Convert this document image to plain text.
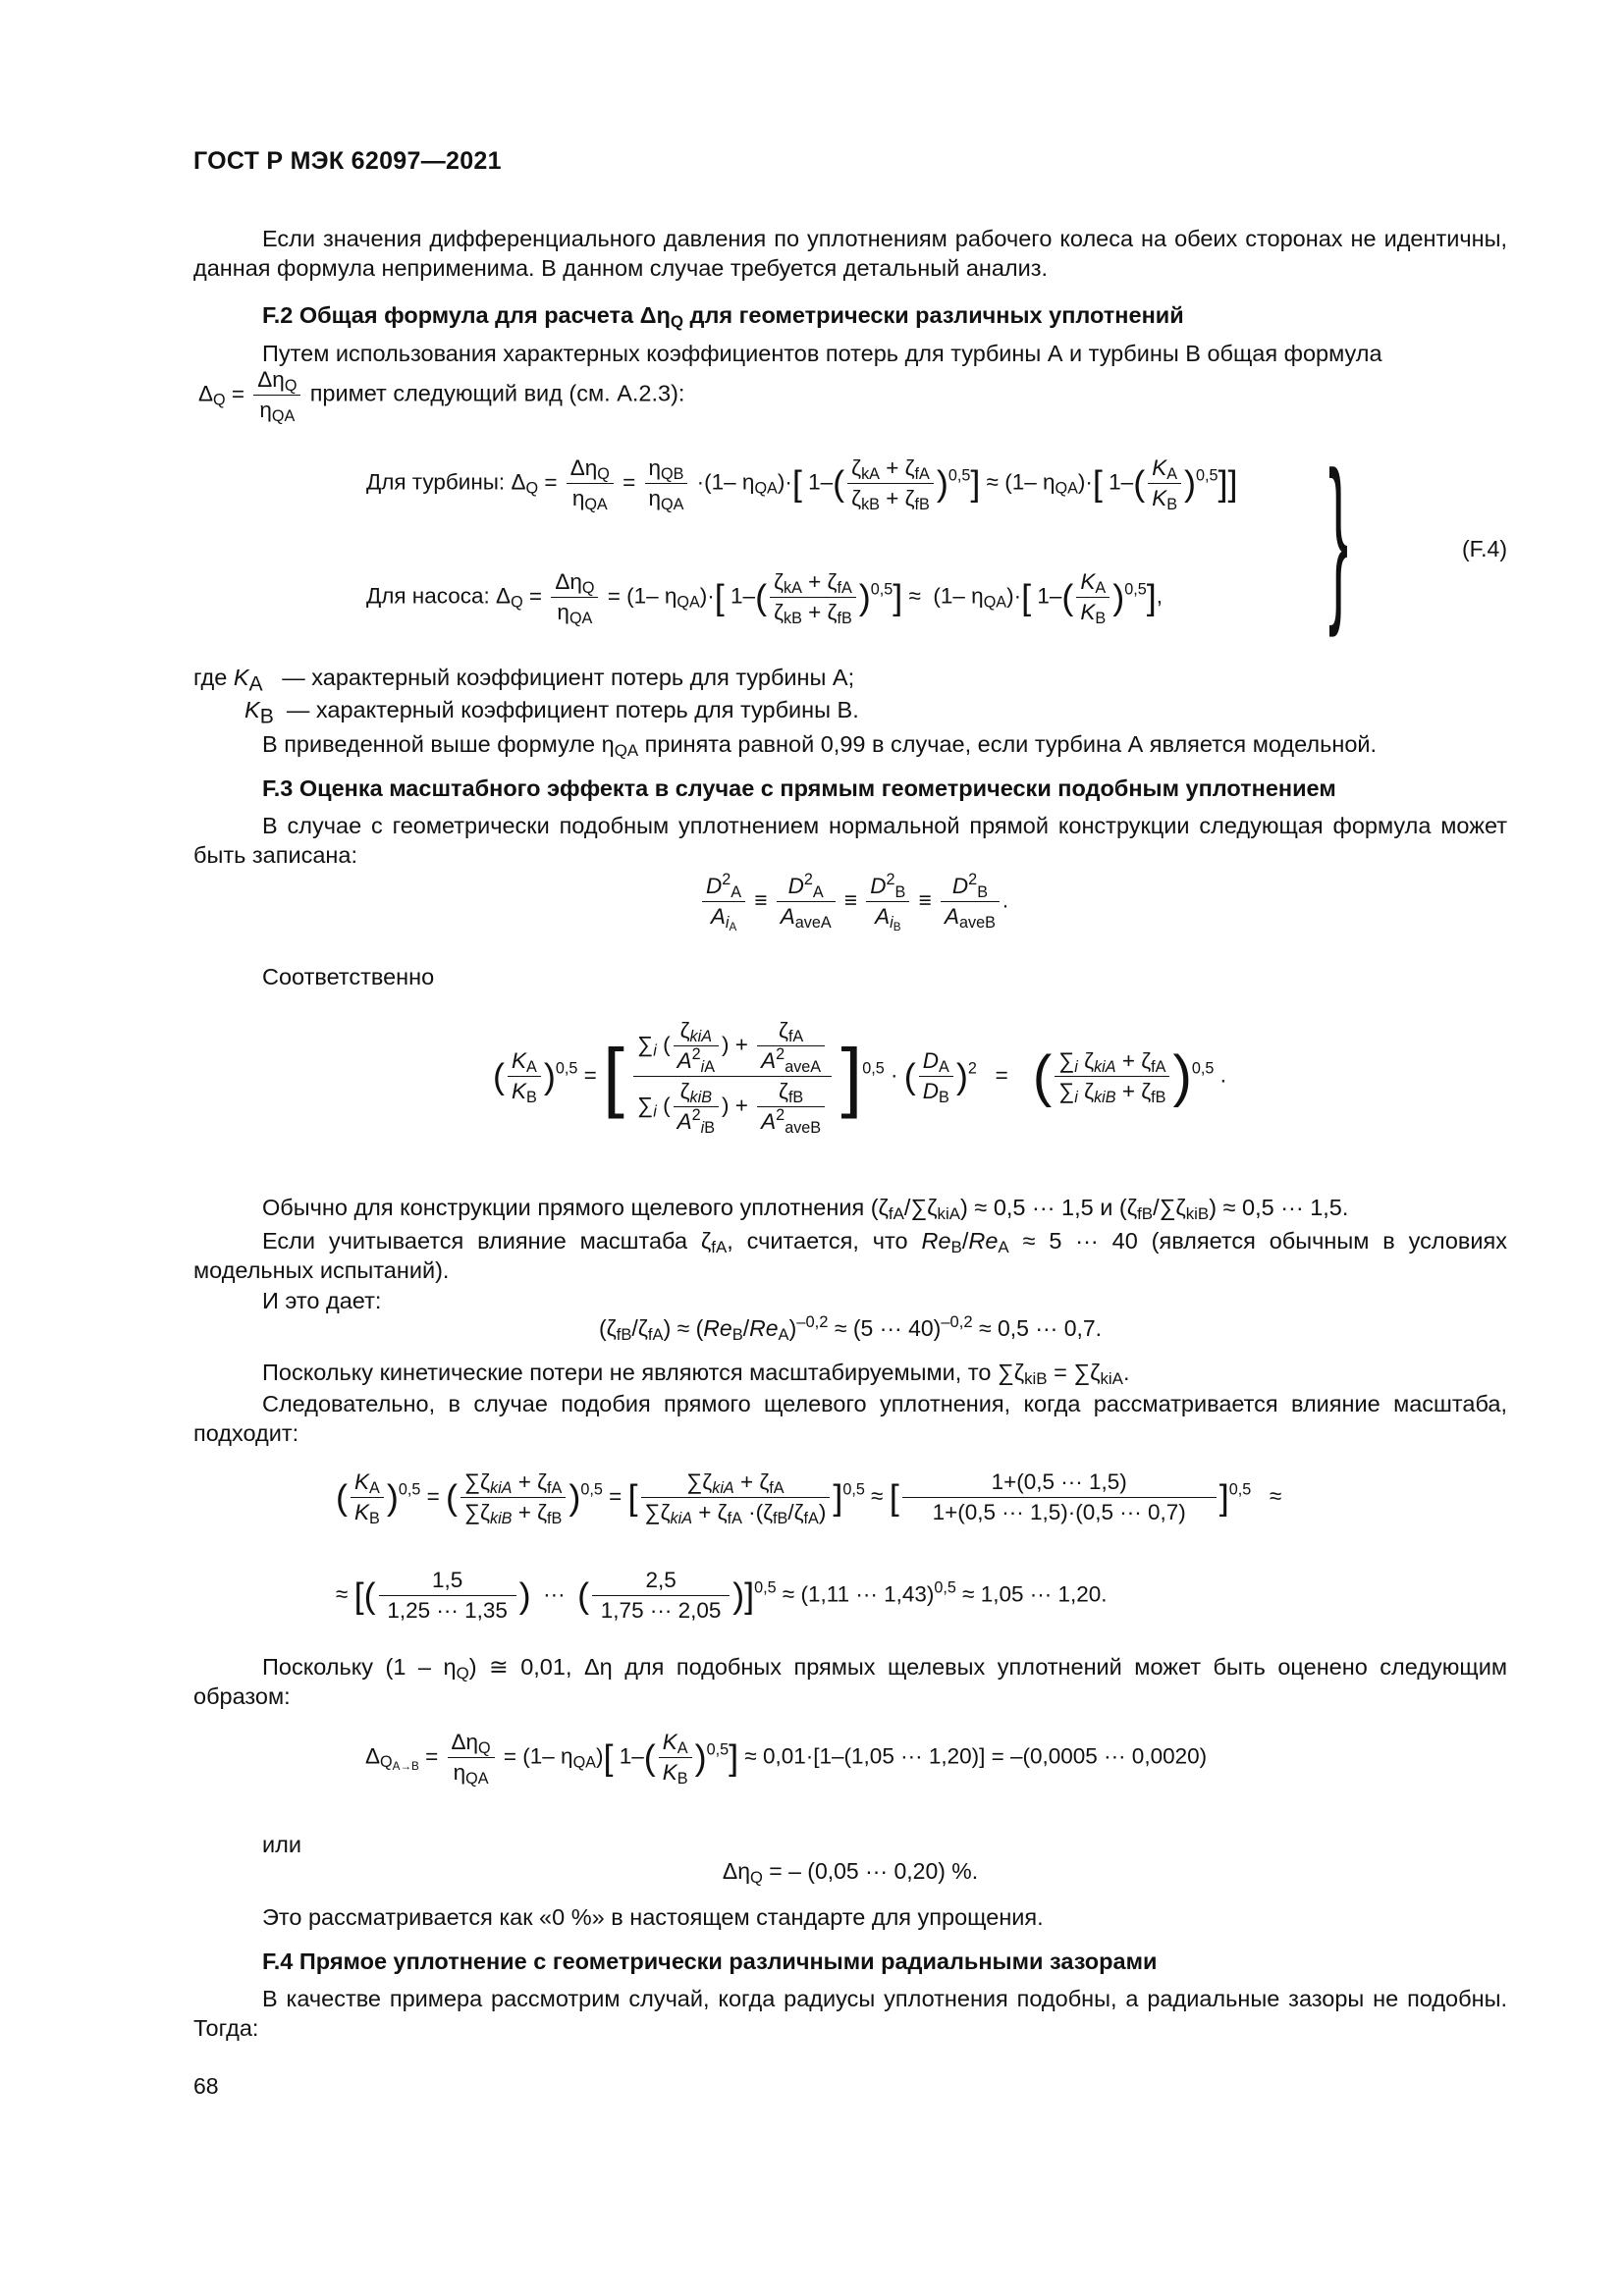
ГОСТ Р МЭК 62097—2021
Если значения дифференциального давления по уплотнениям рабочего колеса на обеих сторонах не идентичны, данная формула неприменима. В данном случае требуется детальный анализ.
F.2 Общая формула для расчета $\Delta\eta_Q$ для геометрически различных уплотнений
Путем использования характерных коэффициентов потерь для турбины А и турбины В общая формула
$\Delta_Q = \frac{\Delta\eta_Q}{\eta_{QA}}$ примет следующий вид (см. А.2.3):
Для турбины: $\Delta_Q = \frac{\Delta\eta_Q}{\eta_{QA}} = \frac{\eta_{QB}}{\eta_{QA}} \cdot(1-$ $\eta_{QA})\cdot$[ $1-( \frac{\zeta_{kA} + \zeta_{fA}}{\zeta_{kB} + \zeta_{fB}} )^{0,5}] \approx (1-$ $\eta_{QA})\cdot$[ $1-( \frac{K_A}{K_B} )^{0,5}$]]
Для насоса: $\Delta_Q = \frac{\Delta\eta_Q}{\eta_{QA}} = (1-$ $\eta_{QA})\cdot$[ $1-( \frac{\zeta_{kA} + \zeta_{fA}}{\zeta_{kB} + \zeta_{fB}} )^{0,5}] \approx (1-$ $\eta_{QA})\cdot$[ $1-( \frac{K_A}{K_B} )^{0,5}$],	}	(F.4)
где $K_A$ — характерный коэффициент потерь для турбины А;
$K_B$  — характерный коэффициент потерь для турбины В.
В приведенной выше формуле $\eta_{QA}$ принята равной 0,99 в случае, если турбина А является модельной.
F.3 Оценка масштабного эффекта в случае с прямым геометрически подобным уплотнением
В случае с геометрически подобным уплотнением нормальной прямой конструкции следующая формула может быть записана:
$\frac{D^2_A}{A_{i_A}} \equiv \frac{D^2_A}{A_{aveA}} \equiv \frac{D^2_B}{A_{i_B}} \equiv \frac{D^2_B}{A_{aveB}}$ .
Соответственно
( $\frac{K_A}{K_B} )^{0,5}$ = [ $\frac{\sum_i ( \frac{\zeta_{kiA}}{A^2_{iA}} ) + \frac{\zeta_{fA}}{A^2_{aveA}}}{\sum_i ( \frac{\zeta_{kiB}}{A^2_{iB}} ) + \frac{\zeta_{fB}}{A^2_{aveB}}} ]^{0,5}$ · ( $\frac{D_A}{D_B} )^2$   =    ( $\frac{\sum_i \zeta_{kiA} + \zeta_{fA}}{\sum_i \zeta_{kiB} + \zeta_{fB}} )^{0,5}$ .
Обычно для конструкции прямого щелевого уплотнения $(\zeta_{fA}/\sum\zeta_{kiA}) \approx 0,5$ ··· 1,5 и $(\zeta_{fB}/\sum\zeta_{kiB}) \approx 0,5$ ··· 1,5.
Если учитывается влияние масштаба $\zeta_{fA}$, считается, что $Re_B/Re_A \approx 5$ ··· 40 (является обычным в условиях модельных испытаний).
И это дает:
$(\zeta_{fB}/\zeta_{fA}) \approx (Re_B/Re_A)^{-0,2} \approx (5$ ··· 40)$^{-0,2}$ ≈ 0,5 ··· 0,7.
Поскольку кинетические потери не являются масштабируемыми, то $\sum\zeta_{kiB} = \sum\zeta_{kiA}$.
Следовательно, в случае подобия прямого щелевого уплотнения, когда рассматривается влияние масштаба, подходит:
( $\frac{K_A}{K_B} )^{0,5}$ = ( $\frac{\sum\zeta_{kiA} + \zeta_{fA}}{\sum\zeta_{kiB} + \zeta_{fB}} )^{0,5}$ = [ $\frac{\sum\zeta_{kiA} + \zeta_{fA}}{\sum\zeta_{kiA} + \zeta_{fA} \cdot(\zeta_{fB}/\zeta_{fA})} ]^{0,5}$ ≈ [ $\frac{1+(0,5 \cdot\cdot\cdot 1,5)}{1+(0,5 \cdot\cdot\cdot 1,5)\cdot(0,5 \cdot\cdot\cdot 0,7)} ]^{0,5}$   ≈
≈ [( $\frac{1,5}{1,25 \cdot\cdot\cdot 1,35}$ )  ···  ( $\frac{2,5}{1,75 \cdot\cdot\cdot 2,05} )]^{0,5} \approx (1,11$ ··· 1,43)$^{0,5}$ ≈ 1,05 ··· 1,20.
Поскольку $(1 - \eta_Q)$ ≅ 0,01, Δη для подобных прямых щелевых уплотнений может быть оценено следующим образом:
$\Delta_{Q_{A\to B}} = \frac{\Delta\eta_Q}{\eta_{QA}} = (1-$ $\eta_{QA}$)[ $1-( \frac{K_A}{K_B} )^{0,5}] \approx 0,01\cdot[1-(1,05$ ··· 1,20)] = –(0,0005 ··· 0,0020)
или
$\Delta\eta_Q$ = – (0,05 ··· 0,20) %.
Это рассматривается как «0 %» в настоящем стандарте для упрощения.
F.4 Прямое уплотнение с геометрически различными радиальными зазорами
В качестве примера рассмотрим случай, когда радиусы уплотнения подобны, а радиальные зазоры не подобны. Тогда:
68
